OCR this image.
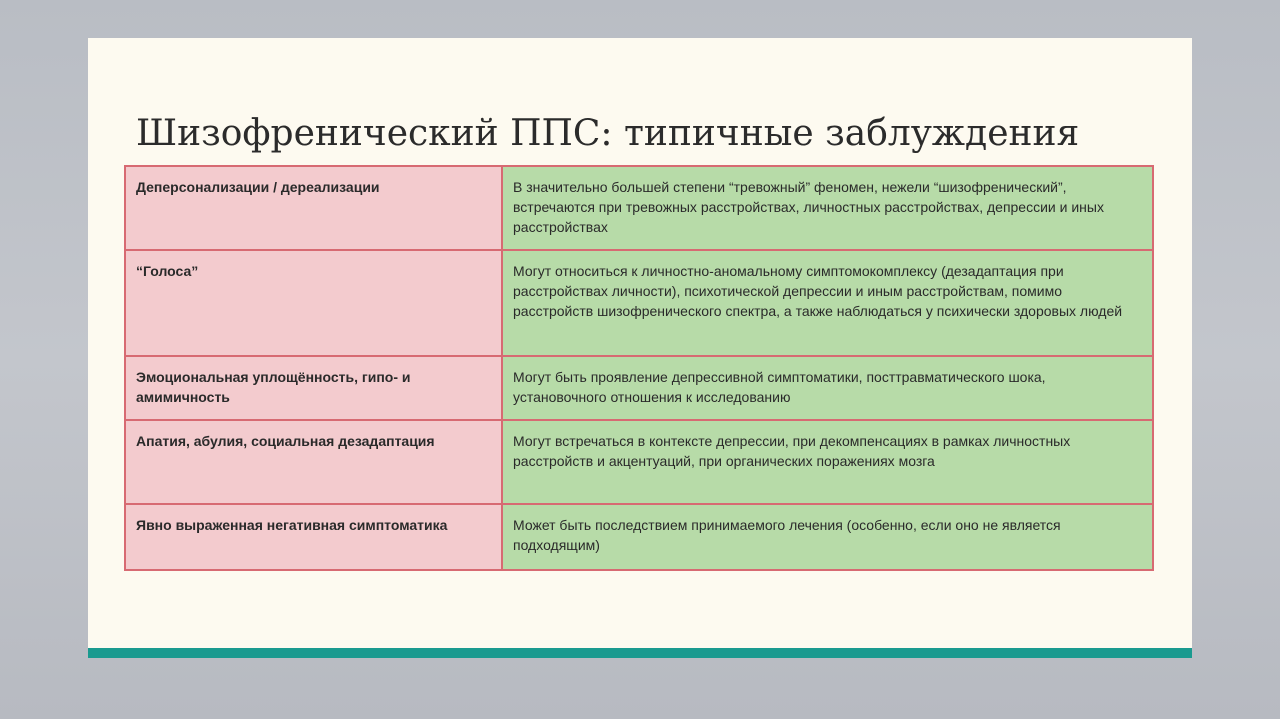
Шизофренический ППС: типичные заблуждения
Деперсонализации / дереализации	В значительно большей степени “тревожный” феномен, нежели “шизофренический”, встречаются при тревожных расстройствах, личностных расстройствах, депрессии и иных расстройствах
“Голоса”	Могут относиться к личностно-аномальному симптомокомплексу (дезадаптация при расстройствах личности), психотической депрессии и иным расстройствам, помимо расстройств шизофренического спектра, а также наблюдаться у психически здоровых людей
Эмоциональная уплощённость, гипо- и амимичность	Могут быть проявление депрессивной симптоматики, посттравматического шока, установочного отношения к исследованию
Апатия, абулия, социальная дезадаптация	Могут встречаться в контексте депрессии, при декомпенсациях в рамках личностных расстройств и акцентуаций, при органических поражениях мозга
Явно выраженная негативная симптоматика	Может быть последствием принимаемого лечения (особенно, если оно не является подходящим)
